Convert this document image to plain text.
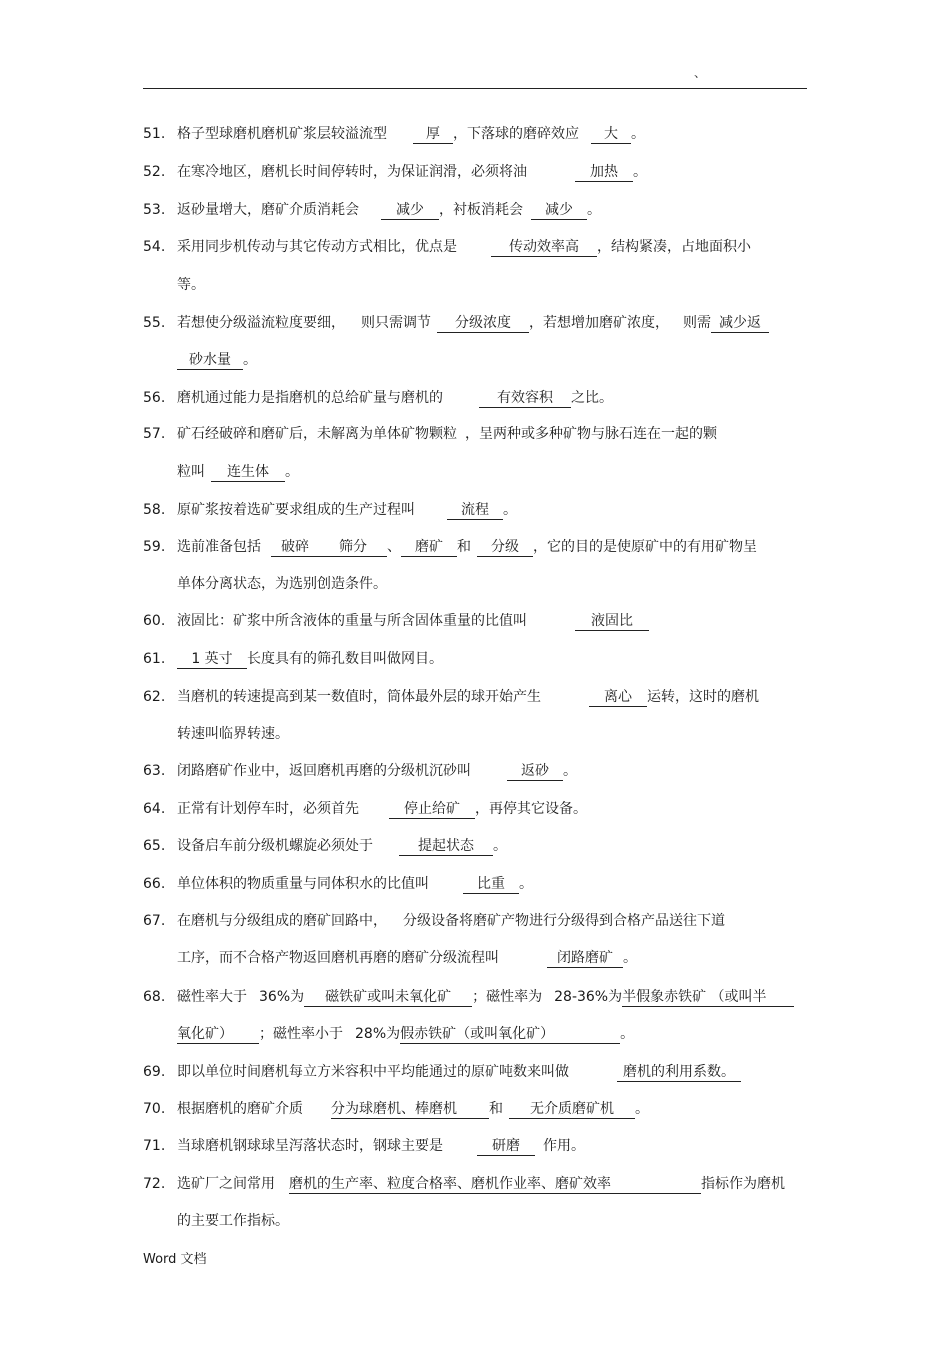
、
51. 格子型球磨机磨机矿浆层较溢流型	厚 ，下落球的磨碎效应 大 。
52. 在寒冷地区，磨机长时间停转时，为保证润滑，必须将油	加热 。
53. 返砂量增大，磨矿介质消耗会	减少 ，衬板消耗会 减少 。
54. 采用同步机传动与其它传动方式相比，优点是	传动效率高 ，结构紧凑，占地面积小
等。
55. 若想使分级溢流粒度要细， 则只需调节 分级浓度 ，若想增加磨矿浓度， 则需 减少返
砂水量 。
56. 磨机通过能力是指磨机的总给矿量与磨机的	有效容积 之比。
57. 矿石经破碎和磨矿后，未解离为单体矿物颗粒 ，呈两种或多种矿物与脉石连在一起的颗
粒叫 连生体 。
58. 原矿浆按着选矿要求组成的生产过程叫	流程 。
59. 选前准备包括 破碎 筛分 、 磨矿 和 分级 ，它的目的是使原矿中的有用矿物呈
单体分离状态，为选别创造条件。
60. 液固比：矿浆中所含液体的重量与所含固体重量的比值叫	液固比
61. 1 英寸 长度具有的筛孔数目叫做网目。
62. 当磨机的转速提高到某一数值时，筒体最外层的球开始产生	离心 运转，这时的磨机
转速叫临界转速。
63. 闭路磨矿作业中，返回磨机再磨的分级机沉砂叫	返砂 。
64. 正常有计划停车时，必须首先	停止给矿 ，再停其它设备。
65. 设备启车前分级机螺旋必须处于	提起状态 。
66. 单位体积的物质重量与同体积水的比值叫	比重 。
67. 在磨机与分级组成的磨矿回路中， 分级设备将磨矿产物进行分级得到合格产品送往下道
工序，而不合格产物返回磨机再磨的磨矿分级流程叫	闭路磨矿 。
68. 磁性率大于 36%为 磁铁矿或叫未氧化矿 ；磁性率为 28-36%为半假象赤铁矿 （或叫半
氧化矿） ；磁性率小于 28%为假赤铁矿（或叫氧化矿）	。
69. 即以单位时间磨机每立方米容积中平均能通过的原矿吨数来叫做	磨机的利用系数。
70. 根据磨机的磨矿介质 分为球磨机、棒磨机 和 无介质磨矿机 。
71. 当球磨机钢球球呈泻落状态时，钢球主要是	研磨 作用。
72. 选矿厂之间常用 磨机的生产率、粒度合格率、磨机作业率、磨矿效率	指标作为磨机
的主要工作指标。
Word 文档
